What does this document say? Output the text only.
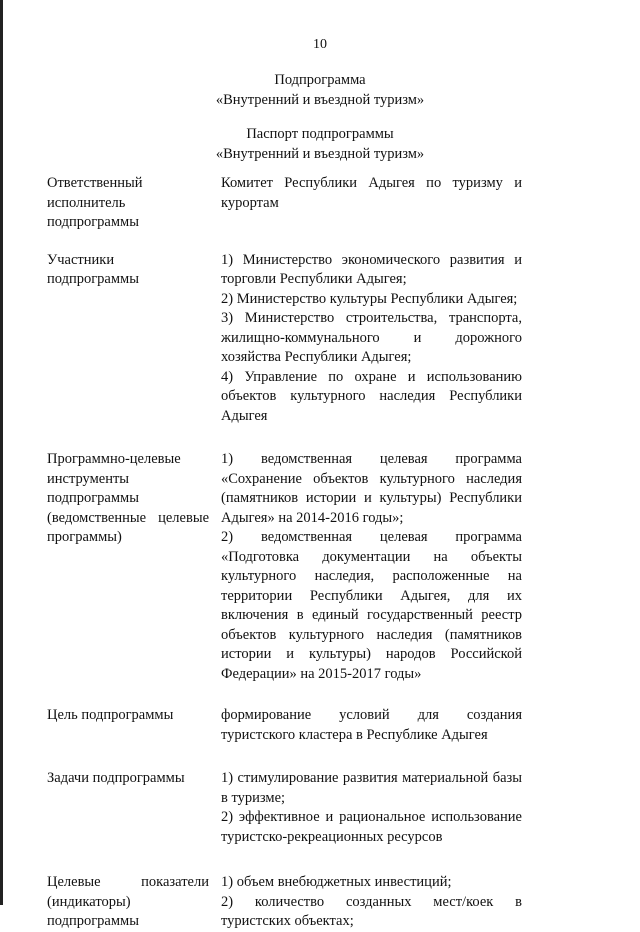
10
Подпрограмма
«Внутренний и въездной туризм»
Паспорт подпрограммы
«Внутренний и въездной туризм»
Ответственный исполнитель подпрограммы
Комитет Республики Адыгея по туризму и курортам
Участники подпрограммы
1) Министерство экономического развития и торговли Республики Адыгея;
2) Министерство культуры Республики Адыгея;
3) Министерство строительства, транспорта, жилищно-коммунального и дорожного хозяйства Республики Адыгея;
4) Управление по охране и использованию объектов культурного наследия Республики Адыгея
Программно-целевые инструменты подпрограммы (ведомственные целевые программы)
1) ведомственная целевая программа «Сохранение объектов культурного наследия (памятников истории и культуры) Республики Адыгея» на 2014-2016 годы»;
2) ведомственная целевая программа «Подготовка документации на объекты культурного наследия, расположенные на территории Республики Адыгея, для их включения в единый государственный реестр объектов культурного наследия (памятников истории и культуры) народов Российской Федерации» на 2015-2017 годы»
Цель подпрограммы	формирование условий для создания туристского кластера в Республике Адыгея
Задачи подпрограммы	1) стимулирование развития материальной базы в туризме;
2) эффективное и рациональное использование туристско-рекреационных ресурсов
Целевые показатели (индикаторы) подпрограммы
1) объем внебюджетных инвестиций;
2) количество созданных мест/коек в туристских объектах;
